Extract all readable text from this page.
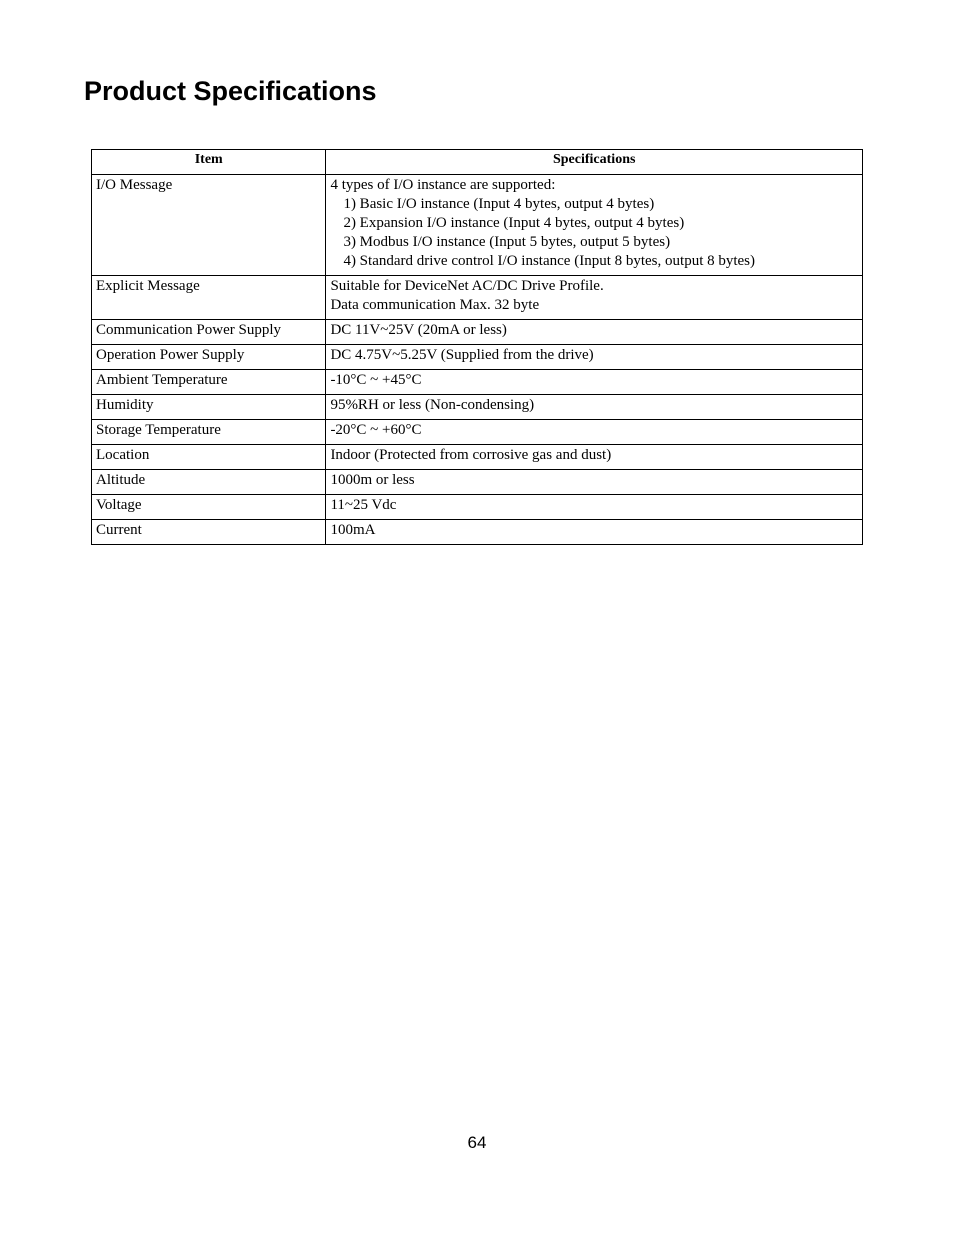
Product Specifications
Item	Specifications
I/O Message	4 types of I/O instance are supported:
1) Basic I/O instance (Input 4 bytes, output 4 bytes)
2) Expansion I/O instance (Input 4 bytes, output 4 bytes)
3) Modbus I/O instance (Input 5 bytes, output 5 bytes)
4) Standard drive control I/O instance (Input 8 bytes, output 8 bytes)

Explicit Message	Suitable for DeviceNet AC/DC Drive Profile.
Data communication Max. 32 byte

Communication Power Supply	DC 11V~25V (20mA or less)

Operation Power Supply	DC 4.75V~5.25V (Supplied from the drive)

Ambient Temperature	-10°C ~ +45°C

Humidity	95%RH or less (Non-condensing)

Storage Temperature	-20°C ~ +60°C

Location	Indoor (Protected from corrosive gas and dust)

Altitude	1000m or less

Voltage	11~25 Vdc

Current	100mA
64
